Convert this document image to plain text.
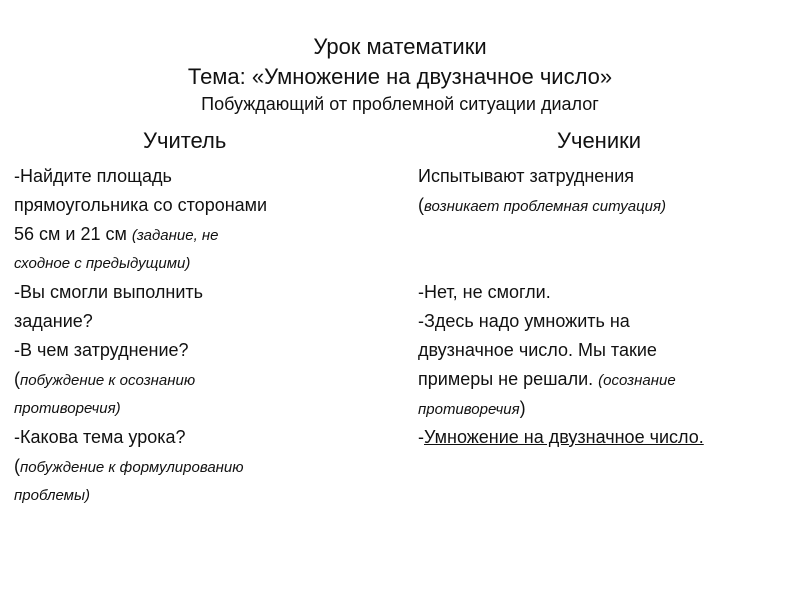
Урок математики
Тема: «Умножение на двузначное число»
Побуждающий от проблемной ситуации диалог
Учитель	Ученики
-Найдите площадь
прямоугольника со сторонами
56 см и 21 см (задание, не
сходное с предыдущими)
-Вы смогли выполнить
задание?
-В чем затруднение?
(побуждение к осознанию
противоречия)
-Какова тема урока?
(побуждение к формулированию
проблемы)
Испытывают затруднения
(возникает проблемная ситуация)
-Нет, не смогли.
-Здесь надо умножить на
двузначное число. Мы такие
примеры не решали. (осознание
противоречия)
-Умножение на двузначное число.
